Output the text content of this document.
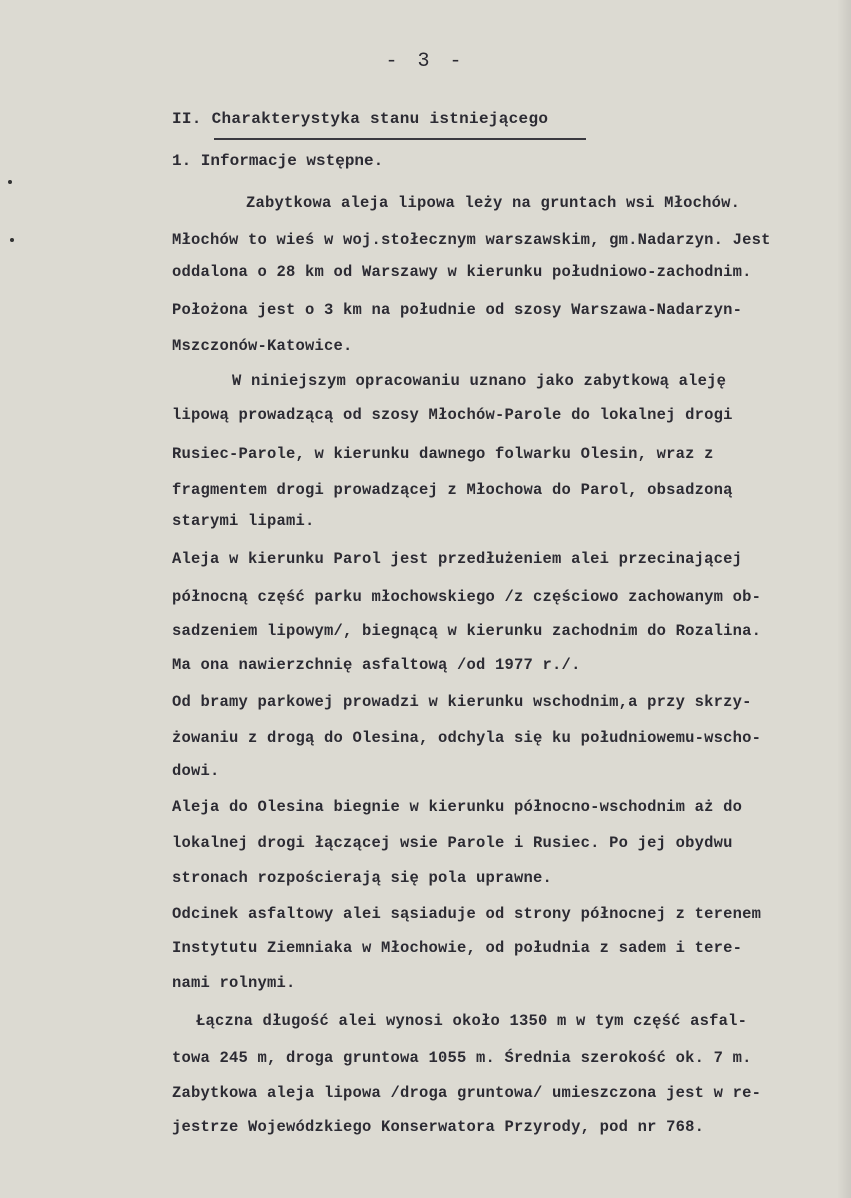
- 3 -
II. Charakterystyka stanu istniejącego
1. Informacje wstępne.
Zabytkowa aleja lipowa leży na gruntach wsi Młochów.
Młochów to wieś w woj.stołecznym warszawskim, gm.Nadarzyn. Jest
oddalona o 28 km od Warszawy w kierunku południowo-zachodnim.
Położona jest o 3 km na południe od szosy Warszawa-Nadarzyn-
Mszczonów-Katowice.
W niniejszym opracowaniu uznano jako zabytkową aleję
lipową prowadzącą od szosy Młochów-Parole do lokalnej drogi
Rusiec-Parole, w kierunku dawnego folwarku Olesin, wraz z
fragmentem drogi prowadzącej z Młochowa do Parol, obsadzoną
starymi lipami.
Aleja w kierunku Parol jest przedłużeniem alei przecinającej
północną część parku młochowskiego /z częściowo zachowanym ob-
sadzeniem lipowym/, biegnącą w kierunku zachodnim do Rozalina.
Ma ona nawierzchnię asfaltową /od 1977 r./.
Od bramy parkowej prowadzi w kierunku wschodnim,a przy skrzy-
żowaniu z drogą do Olesina, odchyla się ku południowemu-wscho-
dowi.
Aleja do Olesina biegnie w kierunku północno-wschodnim aż do
lokalnej drogi łączącej wsie Parole i Rusiec. Po jej obydwu
stronach rozpościerają się pola uprawne.
Odcinek asfaltowy alei sąsiaduje od strony północnej z terenem
Instytutu Ziemniaka w Młochowie, od południa z sadem i tere-
nami rolnymi.
Łączna długość alei wynosi około 1350 m w tym część asfal-
towa 245 m, droga gruntowa 1055 m. Średnia szerokość ok. 7 m.
Zabytkowa aleja lipowa /droga gruntowa/ umieszczona jest w re-
jestrze Wojewódzkiego Konserwatora Przyrody, pod nr 768.
